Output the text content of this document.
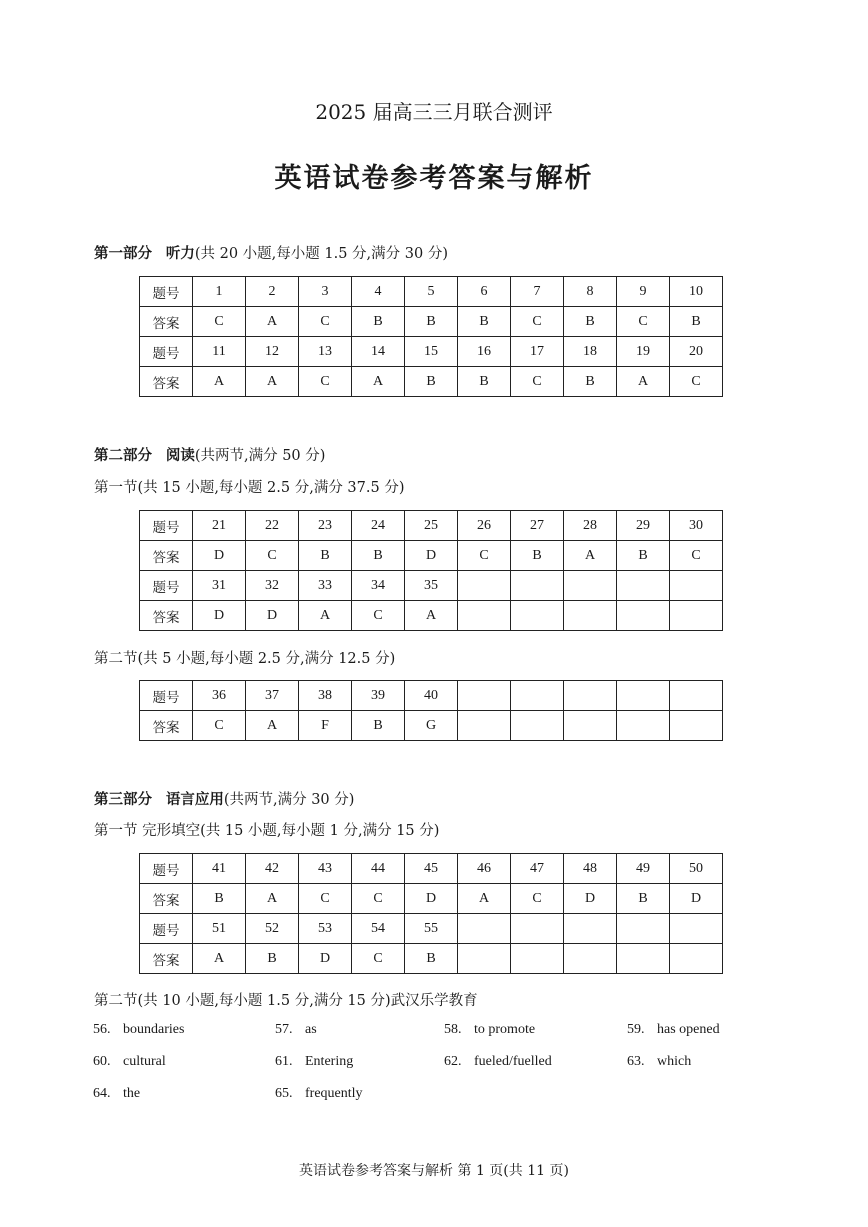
2025 届高三三月联合测评
英语试卷参考答案与解析
第一部分 听力(共 20 小题,每小题 1.5 分,满分 30 分)
题号	1	2	3	4	5	6	7	8	9	10
答案	C	A	C	B	B	B	C	B	C	B
题号	11	12	13	14	15	16	17	18	19	20
答案	A	A	C	A	B	B	C	B	A	C
第二部分 阅读(共两节,满分 50 分)
第一节(共 15 小题,每小题 2.5 分,满分 37.5 分)
题号	21	22	23	24	25	26	27	28	29	30
答案	D	C	B	B	D	C	B	A	B	C
题号	31	32	33	34	35					
答案	D	D	A	C	A					
第二节(共 5 小题,每小题 2.5 分,满分 12.5 分)
题号	36	37	38	39	40					
答案	C	A	F	B	G					
第三部分 语言应用(共两节,满分 30 分)
第一节 完形填空(共 15 小题,每小题 1 分,满分 15 分)
题号	41	42	43	44	45	46	47	48	49	50
答案	B	A	C	C	D	A	C	D	B	D
题号	51	52	53	54	55					
答案	A	B	D	C	B					
第二节(共 10 小题,每小题 1.5 分,满分 15 分)武汉乐学教育
56. boundaries	57. as	58. to promote	59. has opened
60. cultural	61. Entering	62. fueled/fuelled	63. which
64. the	65. frequently
英语试卷参考答案与解析 第 1 页(共 11 页)
